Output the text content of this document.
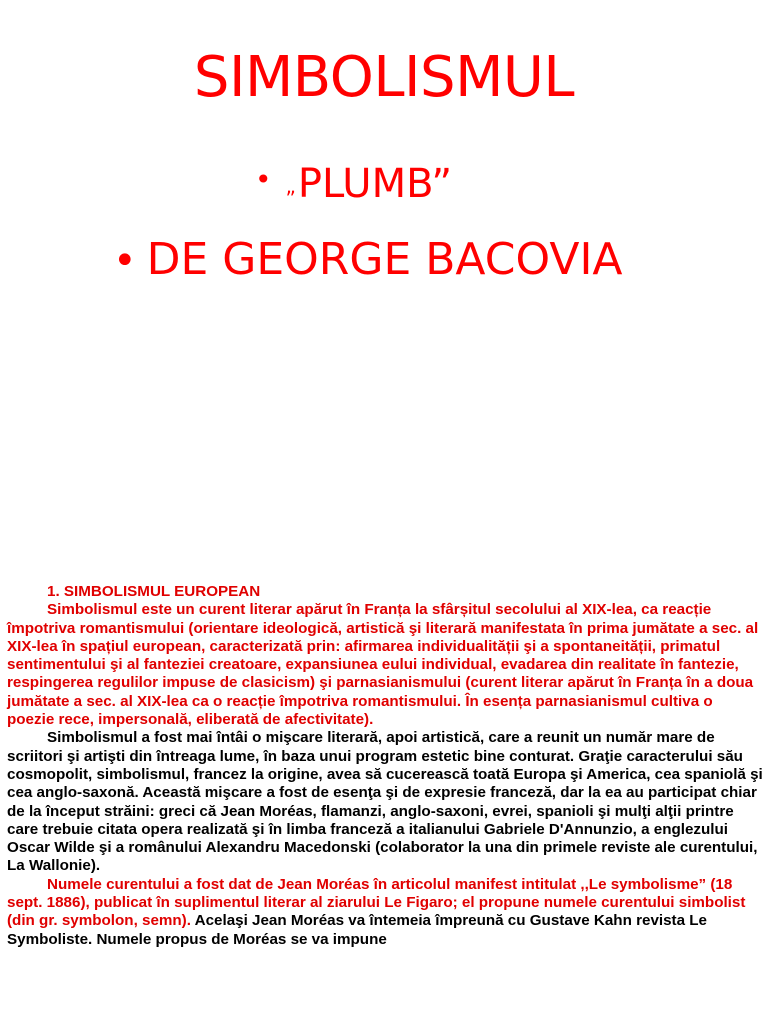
SIMBOLISMUL
• „PLUMB”
• DE GEORGE BACOVIA

1. SIMBOLISMUL EUROPEAN

Simbolismul este un curent literar apărut în Franța la sfârșitul secolului al XIX-lea, ca reacție împotriva romantismului (orientare ideologică, artistică şi literară manifestata în prima jumătate a sec. al XIX-lea în spațiul european, caracterizată prin: afirmarea individualității şi a spontaneității, primatul sentimentului şi al fanteziei creatoare, expansiunea eului individual, evadarea din realitate în fantezie, respingerea regulilor impuse de clasicism) şi parnasianismului (curent literar apărut în Franța în a doua jumătate a sec. al XIX-lea ca o reacție împotriva romantismului. În esența parnasianismul cultiva o poezie rece, impersonală, eliberată de afectivitate).

Simbolismul a fost mai întâi o mişcare literară, apoi artistică, care a reunit un număr mare de scriitori şi artişti din întreaga lume, în baza unui program estetic bine conturat. Graţie caracterului său cosmopolit, simbolismul, francez la origine, avea să cucerească toată Europa şi America, cea spaniolă şi cea anglo-saxonă. Această mişcare a fost de esenţa şi de expresie franceză, dar la ea au participat chiar de la început străini: greci că Jean Moréas, flamanzi, anglo-saxoni, evrei, spanioli şi mulţi alţii printre care trebuie citata opera realizată şi în limba franceză a italianului Gabriele D'Annunzio, a englezului Oscar Wilde şi a românului Alexandru Macedonski (colaborator la una din primele reviste ale curentului, La Wallonie).

Numele curentului a fost dat de Jean Moréas în articolul manifest intitulat ,,Le symbolisme” (18 sept. 1886), publicat în suplimentul literar al ziarului Le Figaro; el propune numele curentului simbolist (din gr. symbolon, semn). Acelaşi Jean Moréas va întemeia împreună cu Gustave Kahn revista Le Symboliste. Numele propus de Moréas se va impune
